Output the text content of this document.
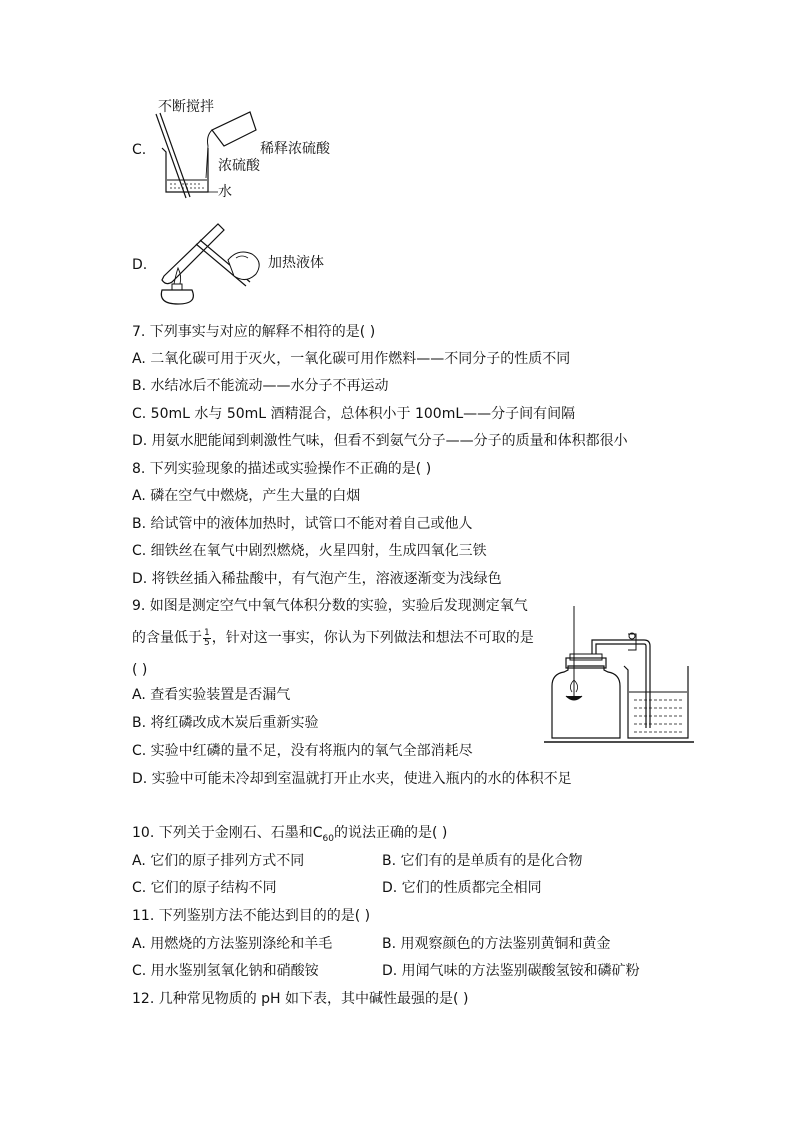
C.
不断搅拌
稀释浓硫酸
浓硫酸
水
D.	加热液体
7. 下列事实与对应的解释不相符的是( )
A. 二氧化碳可用于灭火，一氧化碳可用作燃料——不同分子的性质不同
B. 水结冰后不能流动——水分子不再运动
C. 50mL 水与 50mL 酒精混合，总体积小于 100mL——分子间有间隔
D. 用氨水肥能闻到刺激性气味，但看不到氨气分子——分子的质量和体积都很小
8. 下列实验现象的描述或实验操作不正确的是( )
A. 磷在空气中燃烧，产生大量的白烟
B. 给试管中的液体加热时，试管口不能对着自己或他人
C. 细铁丝在氧气中剧烈燃烧，火星四射，生成四氧化三铁
D. 将铁丝插入稀盐酸中，有气泡产生，溶液逐渐变为浅绿色
9. 如图是测定空气中氧气体积分数的实验，实验后发现测定氧气
的含量低于 $\frac{1}{5}$ ，针对这一事实，你认为下列做法和想法不可取的是
( )
A. 查看实验装置是否漏气
B. 将红磷改成木炭后重新实验
C. 实验中红磷的量不足，没有将瓶内的氧气全部消耗尽
D. 实验中可能未冷却到室温就打开止水夹，使进入瓶内的水的体积不足
10. 下列关于金刚石、石墨和$C_{60}$的说法正确的是( )
A. 它们的原子排列方式不同	B. 它们有的是单质有的是化合物
C. 它们的原子结构不同	D. 它们的性质都完全相同
11. 下列鉴别方法不能达到目的的是( )
A. 用燃烧的方法鉴别涤纶和羊毛	B. 用观察颜色的方法鉴别黄铜和黄金
C. 用水鉴别氢氧化钠和硝酸铵	D. 用闻气味的方法鉴别碳酸氢铵和磷矿粉
12. 几种常见物质的 pH 如下表，其中碱性最强的是( )
